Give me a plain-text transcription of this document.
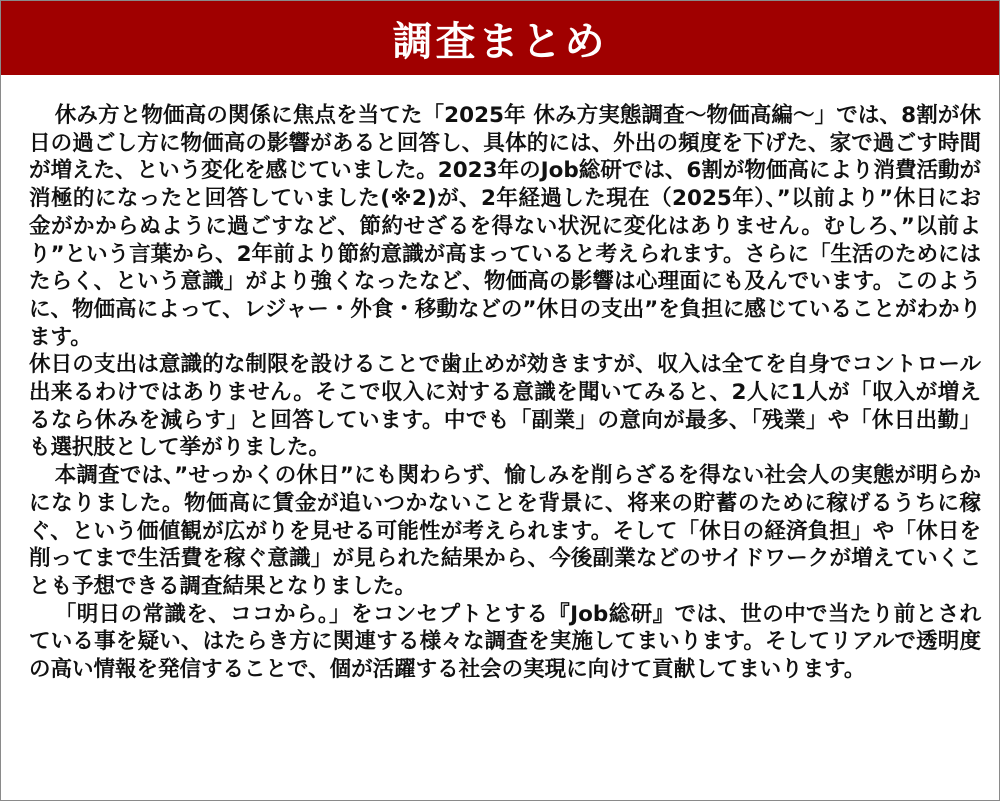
調査まとめ

休み方と物価高の関係に焦点を当てた「2025年 休み方実態調査〜物価高編〜」では、8割が休日の過ごし方に物価高の影響があると回答し、具体的には、外出の頻度を下げた、家で過ごす時間が増えた、という変化を感じていました。2023年のJob総研では、6割が物価高により消費活動が消極的になったと回答していました(※2)が、2年経過した現在（2025年）、”以前より”休日にお金がかからぬように過ごすなど、節約せざるを得ない状況に変化はありません。むしろ、”以前より”という言葉から、2年前より節約意識が高まっていると考えられます。さらに「生活のためにはたらく、という意識」がより強くなったなど、物価高の影響は心理面にも及んでいます。このように、物価高によって、レジャー・外食・移動などの”休日の支出”を負担に感じていることがわかります。

休日の支出は意識的な制限を設けることで歯止めが効きますが、収入は全てを自身でコントロール出来るわけではありません。そこで収入に対する意識を聞いてみると、2人に1人が「収入が増えるなら休みを減らす」と回答しています。中でも「副業」の意向が最多、「残業」や「休日出勤」も選択肢として挙がりました。

本調査では、”せっかくの休日”にも関わらず、愉しみを削らざるを得ない社会人の実態が明らかになりました。物価高に賃金が追いつかないことを背景に、将来の貯蓄のために稼げるうちに稼ぐ、という価値観が広がりを見せる可能性が考えられます。そして「休日の経済負担」や「休日を削ってまで生活費を稼ぐ意識」が見られた結果から、今後副業などのサイドワークが増えていくことも予想できる調査結果となりました。

「明日の常識を、ココから。」をコンセプトとする『Job総研』では、世の中で当たり前とされている事を疑い、はたらき方に関連する様々な調査を実施してまいります。そしてリアルで透明度の高い情報を発信することで、個が活躍する社会の実現に向けて貢献してまいります。
